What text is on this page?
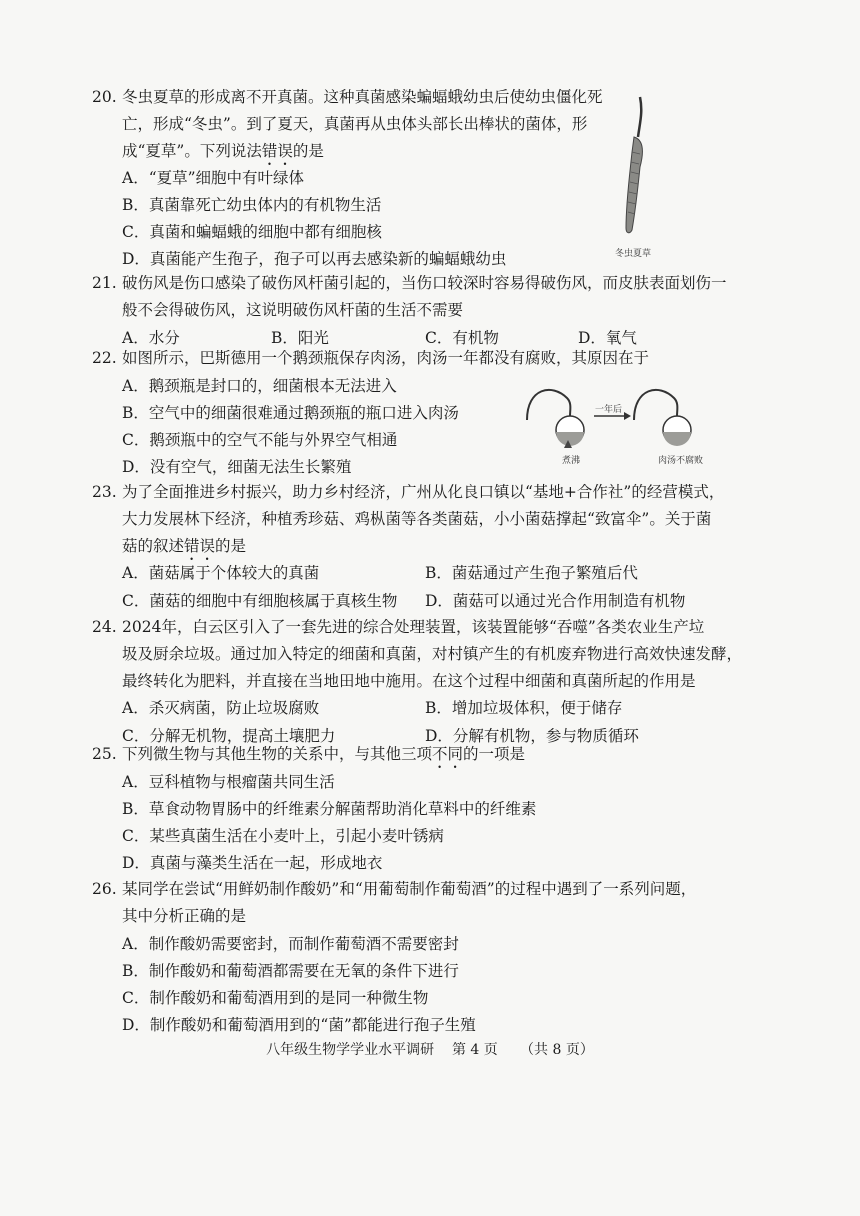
20. 冬虫夏草的形成离不开真菌。这种真菌感染蝙蝠蛾幼虫后使幼虫僵化死
亡，形成“冬虫”。到了夏天，真菌再从虫体头部长出棒状的菌体，形
成“夏草”。下列说法错误的是
A．“夏草”细胞中有叶绿体
B．真菌靠死亡幼虫体内的有机物生活
C．真菌和蝙蝠蛾的细胞中都有细胞核
D．真菌能产生孢子，孢子可以再去感染新的蝙蝠蛾幼虫	冬虫夏草
21. 破伤风是伤口感染了破伤风杆菌引起的，当伤口较深时容易得破伤风，而皮肤表面划伤一
般不会得破伤风，这说明破伤风杆菌的生活不需要
A．水分	B．阳光	C．有机物	D．氧气
22. 如图所示，巴斯德用一个鹅颈瓶保存肉汤，肉汤一年都没有腐败，其原因在于
A．鹅颈瓶是封口的，细菌根本无法进入
B．空气中的细菌很难通过鹅颈瓶的瓶口进入肉汤
C．鹅颈瓶中的空气不能与外界空气相通
D．没有空气，细菌无法生长繁殖
一年后
煮沸	肉汤不腐败
23. 为了全面推进乡村振兴，助力乡村经济，广州从化良口镇以“基地+合作社”的经营模式，
大力发展林下经济，种植秀珍菇、鸡枞菌等各类菌菇，小小菌菇撑起“致富伞”。关于菌
菇的叙述错误的是
A．菌菇属于个体较大的真菌	B．菌菇通过产生孢子繁殖后代
C．菌菇的细胞中有细胞核属于真核生物 D．菌菇可以通过光合作用制造有机物
24. 2024年，白云区引入了一套先进的综合处理装置，该装置能够“吞噬”各类农业生产垃
圾及厨余垃圾。通过加入特定的细菌和真菌，对村镇产生的有机废弃物进行高效快速发酵，
最终转化为肥料，并直接在当地田地中施用。在这个过程中细菌和真菌所起的作用是
A．杀灭病菌，防止垃圾腐败	B．增加垃圾体积，便于储存
C．分解无机物，提高土壤肥力	D．分解有机物，参与物质循环
25. 下列微生物与其他生物的关系中，与其他三项不同的一项是
A．豆科植物与根瘤菌共同生活
B．草食动物胃肠中的纤维素分解菌帮助消化草料中的纤维素
C．某些真菌生活在小麦叶上，引起小麦叶锈病
D．真菌与藻类生活在一起，形成地衣
26. 某同学在尝试“用鲜奶制作酸奶”和“用葡萄制作葡萄酒”的过程中遇到了一系列问题，
其中分析正确的是
A．制作酸奶需要密封，而制作葡萄酒不需要密封
B．制作酸奶和葡萄酒都需要在无氧的条件下进行
C．制作酸奶和葡萄酒用到的是同一种微生物
D．制作酸奶和葡萄酒用到的“菌”都能进行孢子生殖
八年级生物学学业水平调研 第 4 页 （共 8 页）
